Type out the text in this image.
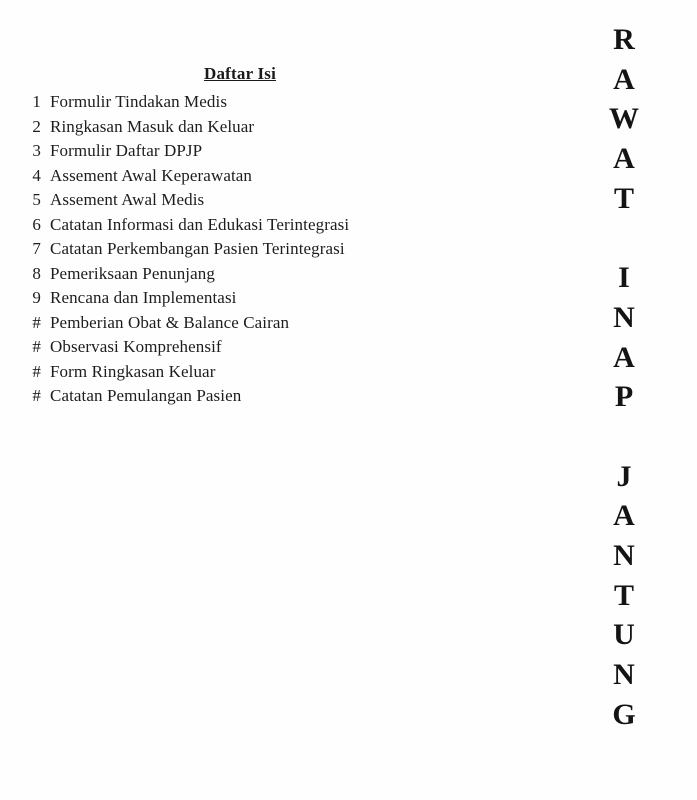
Daftar Isi
1 Formulir Tindakan Medis
2 Ringkasan Masuk dan Keluar
3 Formulir Daftar DPJP
4 Assement Awal Keperawatan
5 Assement Awal Medis
6 Catatan Informasi dan Edukasi Terintegrasi
7 Catatan Perkembangan Pasien Terintegrasi
8 Pemeriksaan Penunjang
9 Rencana dan Implementasi
# Pemberian Obat & Balance Cairan
# Observasi Komprehensif
# Form Ringkasan Keluar
# Catatan Pemulangan Pasien
R
A
W
A
T
I
N
A
P
J
A
N
T
U
N
G
